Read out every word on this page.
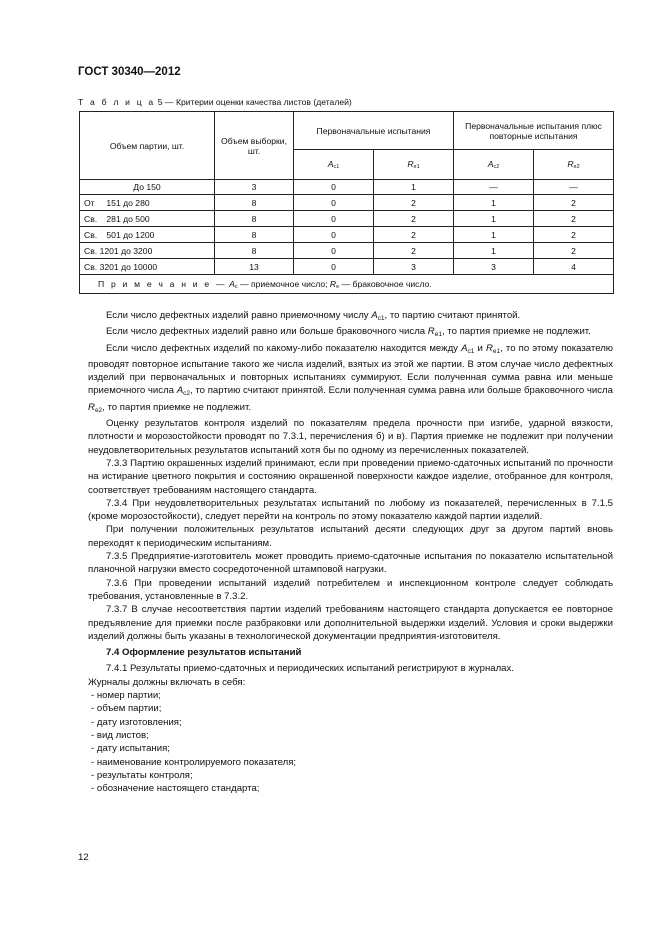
ГОСТ 30340—2012
Т а б л и ц а 5 — Критерии оценки качества листов (деталей)
Объем партии, шт.	Объем выборки, шт.	Первоначальные испытания		Первоначальные испытания плюс повторные испытания	
		Ac1	Re1	Ac2	Re2
До 150	3	0	1	—	—
От 151 до 280	8	0	2	1	2
Св. 281 до 500	8	0	2	1	2
Св. 501 до 1200	8	0	2	1	2
Св. 1201 до 3200	8	0	2	1	2
Св. 3201 до 10000	13	0	3	3	4
П р и м е ч а н и е — Ac — приемочное число; Re — браковочное число.					

Если число дефектных изделий равно приемочному числу $A_{c1}$, то партию считают принятой.

Если число дефектных изделий равно или больше браковочного числа $R_{e1}$, то партия приемке не подлежит.

Если число дефектных изделий по какому-либо показателю находится между $A_{c1}$ и $R_{e1}$, то по этому показателю проводят повторное испытание такого же числа изделий, взятых из этой же партии. В этом случае число дефектных изделий при первоначальных и повторных испытаниях суммируют. Если полученная сумма равна или меньше приемочного числа $A_{c2}$, то партию считают принятой. Если полученная сумма равна или больше браковочного числа $R_{e2}$, то партия приемке не подлежит.

Оценку результатов контроля изделий по показателям предела прочности при изгибе, ударной вязкости, плотности и морозостойкости проводят по 7.3.1, перечисления б) и в). Партия приемке не подлежит при получении неудовлетворительных результатов испытаний хотя бы по одному из перечисленных показателей.

7.3.3 Партию окрашенных изделий принимают, если при проведении приемо-сдаточных испытаний по прочности на истирание цветного покрытия и состоянию окрашенной поверхности каждое изделие, отобранное для контроля, соответствует требованиям настоящего стандарта.

7.3.4 При неудовлетворительных результатах испытаний по любому из показателей, перечисленных в 7.1.5 (кроме морозостойкости), следует перейти на контроль по этому показателю каждой партии изделий.

При получении положительных результатов испытаний десяти следующих друг за другом партий вновь переходят к периодическим испытаниям.

7.3.5 Предприятие-изготовитель может проводить приемо-сдаточные испытания по показателю испытательной планочной нагрузки вместо сосредоточенной штамповой нагрузки.

7.3.6 При проведении испытаний изделий потребителем и инспекционном контроле следует соблюдать требования, установленные в 7.3.2.

7.3.7 В случае несоответствия партии изделий требованиям настоящего стандарта допускается ее повторное предъявление для приемки после разбраковки или дополнительной выдержки изделий. Условия и сроки выдержки изделий должны быть указаны в технологической документации предприятия-изготовителя.

7.4 Оформление результатов испытаний

7.4.1 Результаты приемо-сдаточных и периодических испытаний регистрируют в журналах.

Журналы должны включать в себя:

- номер партии;

- объем партии;

- дату изготовления;

- вид листов;

- дату испытания;

- наименование контролируемого показателя;

- результаты контроля;

- обозначение настоящего стандарта;

12
